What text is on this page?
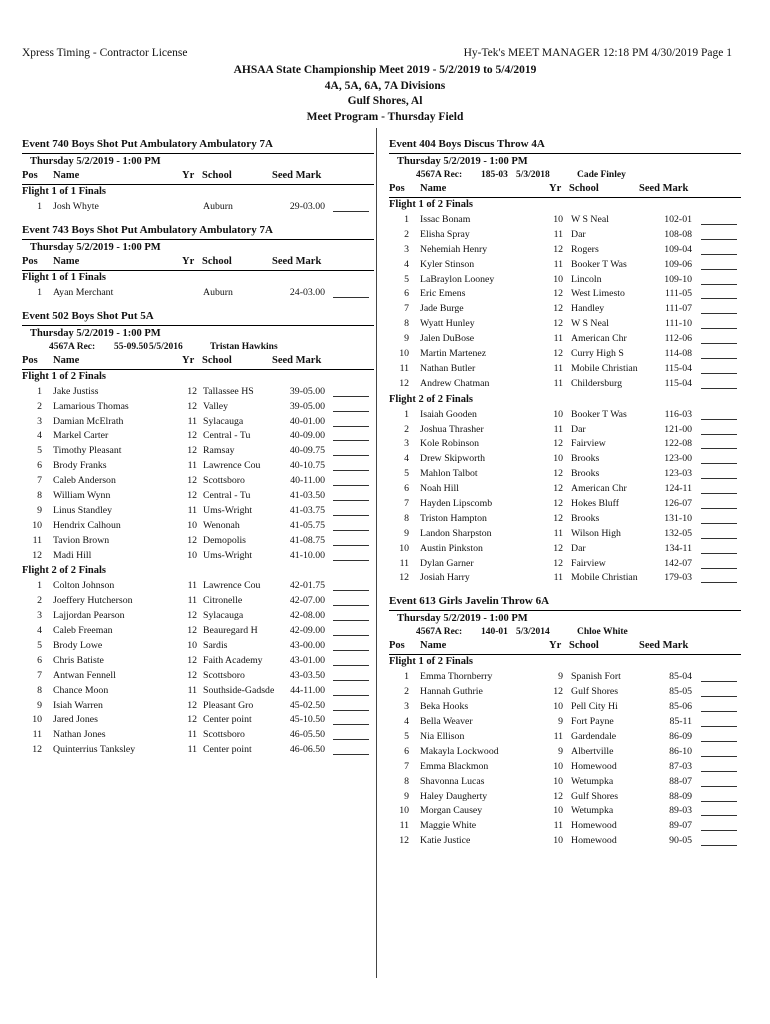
Xpress Timing - Contractor License	Hy-Tek's MEET MANAGER 12:18 PM 4/30/2019 Page 1
AHSAA State Championship Meet 2019 - 5/2/2019 to 5/4/2019
4A, 5A, 6A, 7A Divisions
Gulf Shores, Al
Meet Program - Thursday Field
Event 740 Boys Shot Put Ambulatory Ambulatory 7A
Thursday 5/2/2019 - 1:00 PM
Pos Name	Yr School	Seed Mark
Flight 1 of 1 Finals
1 Josh Whyte	Auburn	29-03.00
Event 743 Boys Shot Put Ambulatory Ambulatory 7A
Thursday 5/2/2019 - 1:00 PM
Pos Name	Yr School	Seed Mark
Flight 1 of 1 Finals
1 Ayan Merchant	Auburn	24-03.00
Event 502 Boys Shot Put 5A
Thursday 5/2/2019 - 1:00 PM
4567A Rec: 55-09.50 5/5/2016	Tristan Hawkins
Pos Name	Yr School	Seed Mark
Flight 1 of 2 Finals
1 Jake Justiss	12 Tallassee HS	39-05.00
2 Lamarious Thomas	12 Valley	39-05.00
3 Damian McElrath	11 Sylacauga	40-01.00
4 Markel Carter	12 Central - Tu	40-09.00
5 Timothy Pleasant	12 Ramsay	40-09.75
6 Brody Franks	11 Lawrence Cou	40-10.75
7 Caleb Anderson	12 Scottsboro	40-11.00
8 William Wynn	12 Central - Tu	41-03.50
9 Linus Standley	11 Ums-Wright	41-03.75
10 Hendrix Calhoun	10 Wenonah	41-05.75
11 Tavion Brown	12 Demopolis	41-08.75
12 Madi Hill	10 Ums-Wright	41-10.00
Flight 2 of 2 Finals
1 Colton Johnson	11 Lawrence Cou	42-01.75
2 Joeffery Hutcherson	11 Citronelle	42-07.00
3 Lajjordan Pearson	12 Sylacauga	42-08.00
4 Caleb Freeman	12 Beauregard H	42-09.00
5 Brody Lowe	10 Sardis	43-00.00
6 Chris Batiste	12 Faith Academy	43-01.00
7 Antwan Fennell	12 Scottsboro	43-03.50
8 Chance Moon	11 Southside-Gadsde 44-11.00
9 Isiah Warren	12 Pleasant Gro	45-02.50
10 Jared Jones	12 Center point	45-10.50
11 Nathan Jones	11 Scottsboro	46-05.50
12 Quinterrius Tanksley	11 Center point	46-06.50
Event 404 Boys Discus Throw 4A
Thursday 5/2/2019 - 1:00 PM
4567A Rec: 185-03 5/3/2018	Cade Finley
Pos Name	Yr School	Seed Mark
Flight 1 of 2 Finals
1 Issac Bonam	10 W S Neal	102-01
2 Elisha Spray	11 Dar	108-08
3 Nehemiah Henry	12 Rogers	109-04
4 Kyler Stinson	11 Booker T Was	109-06
5 LaBraylon Looney	10 Lincoln	109-10
6 Eric Emens	12 West Limesto	111-05
7 Jade Burge	12 Handley	111-07
8 Wyatt Hunley	12 W S Neal	111-10
9 Jalen DuBose	11 American Chr	112-06
10 Martin Martenez	12 Curry High S	114-08
11 Nathan Butler	11 Mobile Christian	115-04
12 Andrew Chatman	11 Childersburg	115-04
Flight 2 of 2 Finals
1 Isaiah Gooden	10 Booker T Was	116-03
2 Joshua Thrasher	11 Dar	121-00
3 Kole Robinson	12 Fairview	122-08
4 Drew Skipworth	10 Brooks	123-00
5 Mahlon Talbot	12 Brooks	123-03
6 Noah Hill	12 American Chr	124-11
7 Hayden Lipscomb	12 Hokes Bluff	126-07
8 Triston Hampton	12 Brooks	131-10
9 Landon Sharpston	11 Wilson High	132-05
10 Austin Pinkston	12 Dar	134-11
11 Dylan Garner	12 Fairview	142-07
12 Josiah Harry	11 Mobile Christian	179-03
Event 613 Girls Javelin Throw 6A
Thursday 5/2/2019 - 1:00 PM
4567A Rec: 140-01 5/3/2014	Chloe White
Pos Name	Yr School	Seed Mark
Flight 1 of 2 Finals
1 Emma Thornberry	9 Spanish Fort	85-04
2 Hannah Guthrie	12 Gulf Shores	85-05
3 Beka Hooks	10 Pell City Hi	85-06
4 Bella Weaver	9 Fort Payne	85-11
5 Nia Ellison	11 Gardendale	86-09
6 Makayla Lockwood	9 Albertville	86-10
7 Emma Blackmon	10 Homewood	87-03
8 Shavonna Lucas	10 Wetumpka	88-07
9 Haley Daugherty	12 Gulf Shores	88-09
10 Morgan Causey	10 Wetumpka	89-03
11 Maggie White	11 Homewood	89-07
12 Katie Justice	10 Homewood	90-05
